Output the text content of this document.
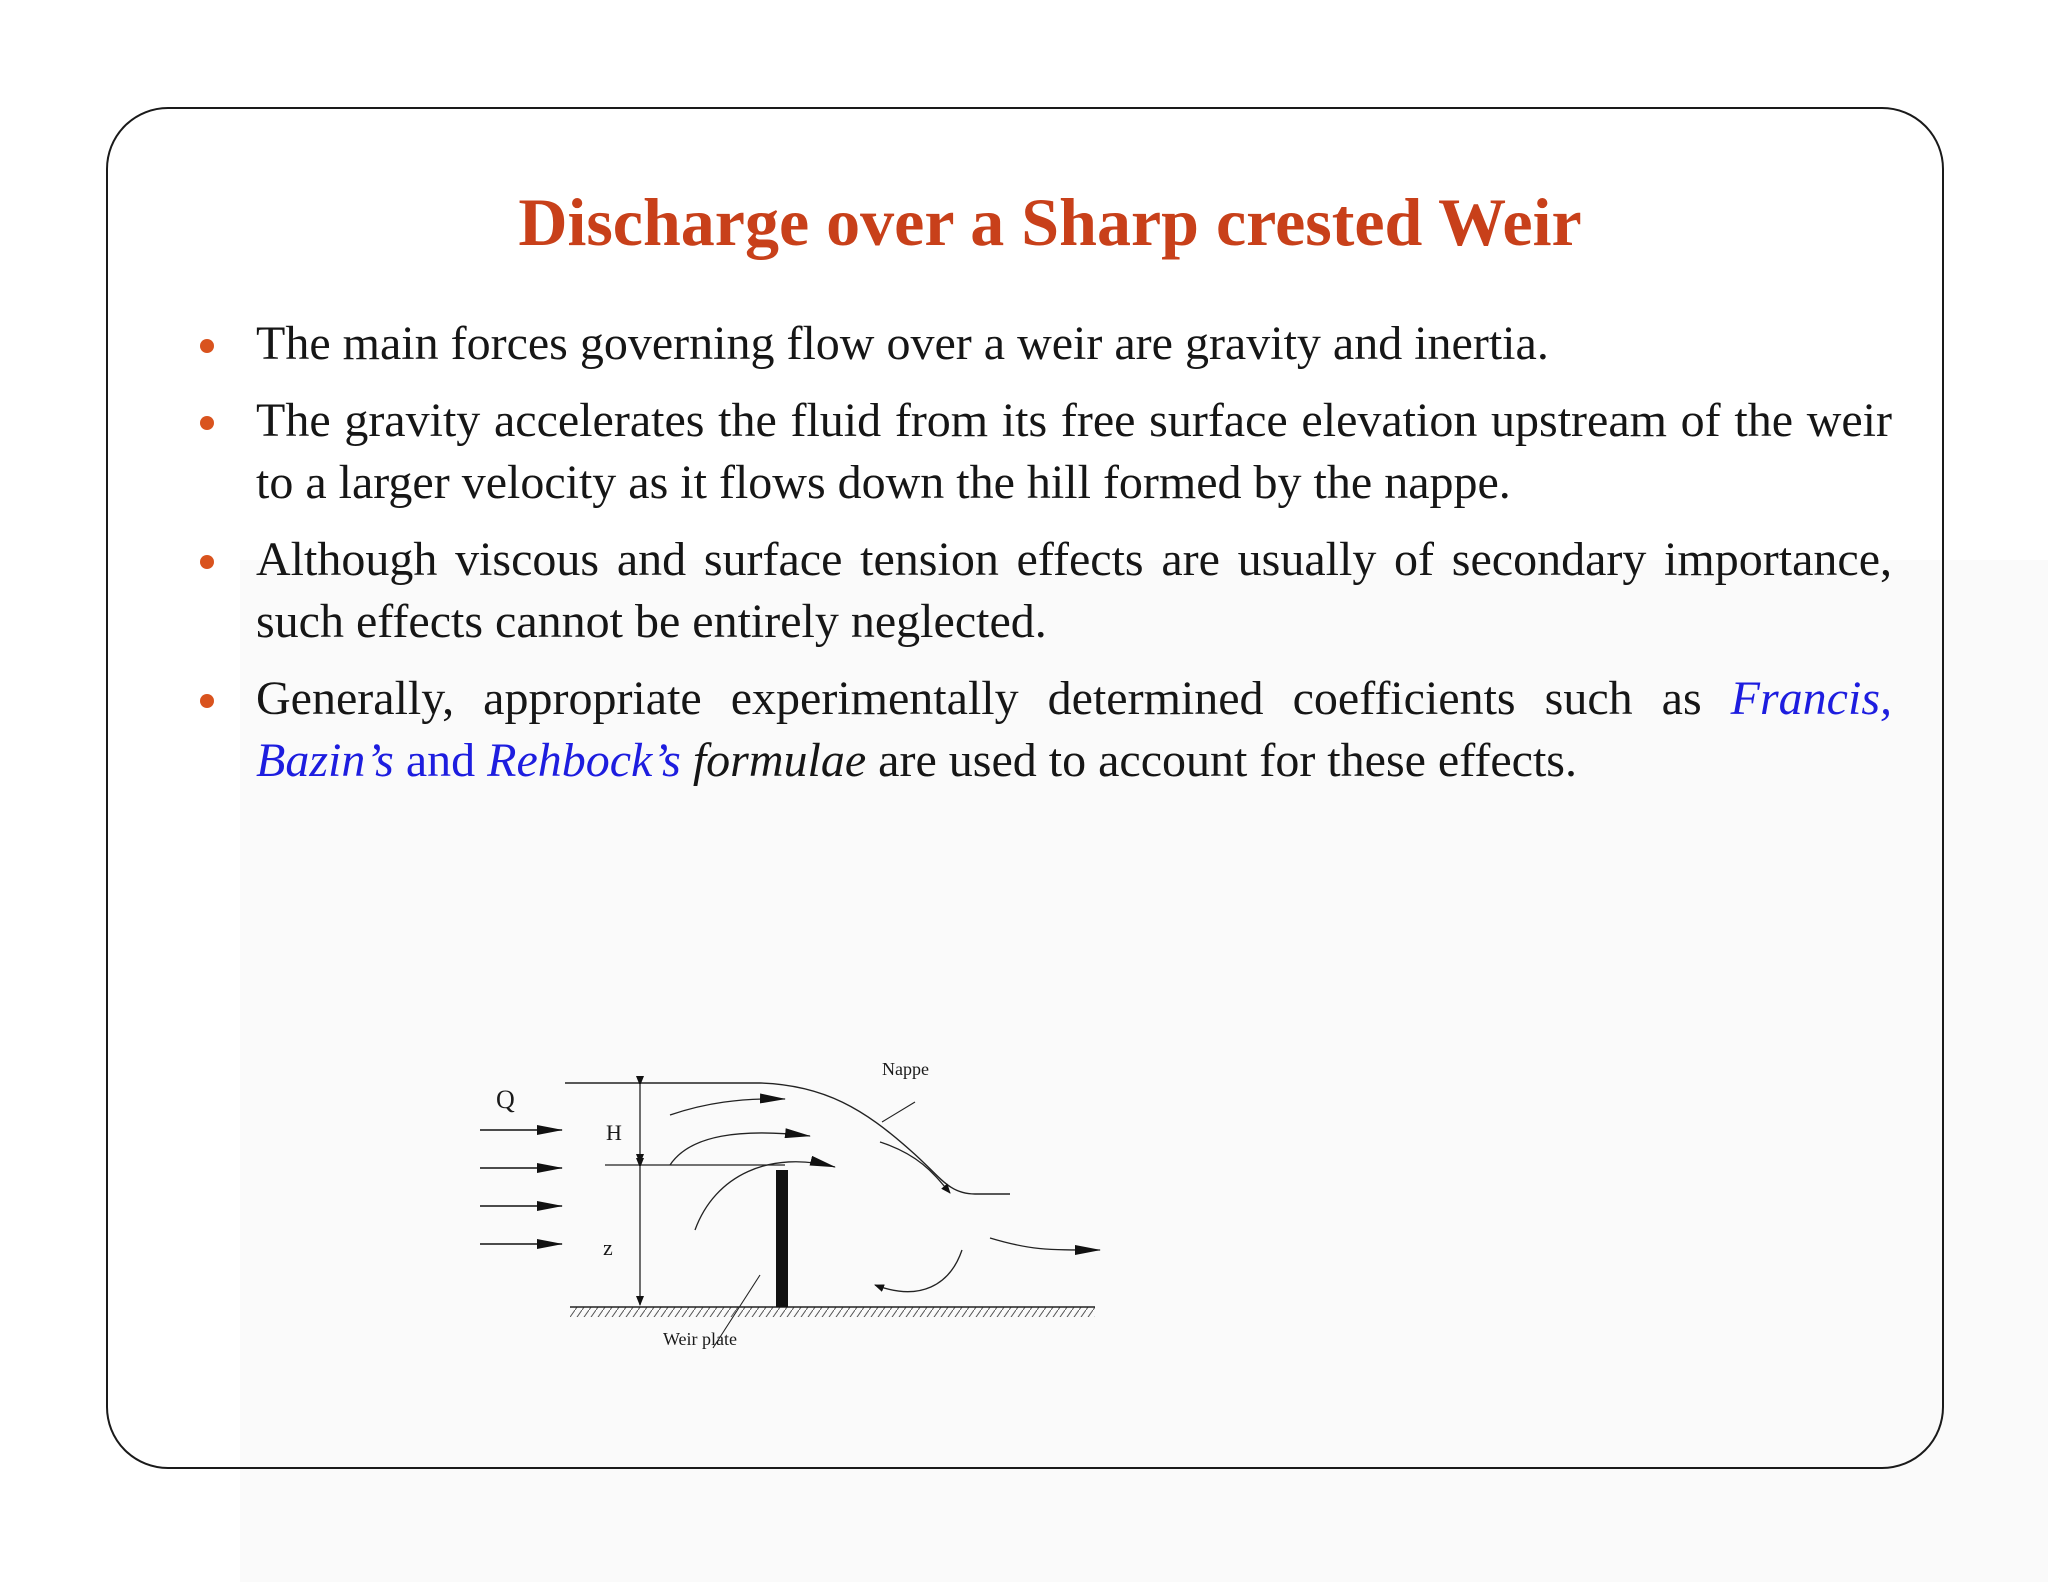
Discharge over a Sharp crested Weir
The main forces governing flow over a weir are gravity and inertia.
The gravity accelerates the fluid from its free surface elevation upstream of the weir to a larger velocity as it flows down the hill formed by the nappe.
Although viscous and surface tension effects are usually of secondary importance, such effects cannot be entirely neglected.
Generally, appropriate experimentally determined coefficients such as Francis, Bazin’s and Rehbock’s formulae are used to account for these effects.
Q
H
z
Nappe
Weir plate
